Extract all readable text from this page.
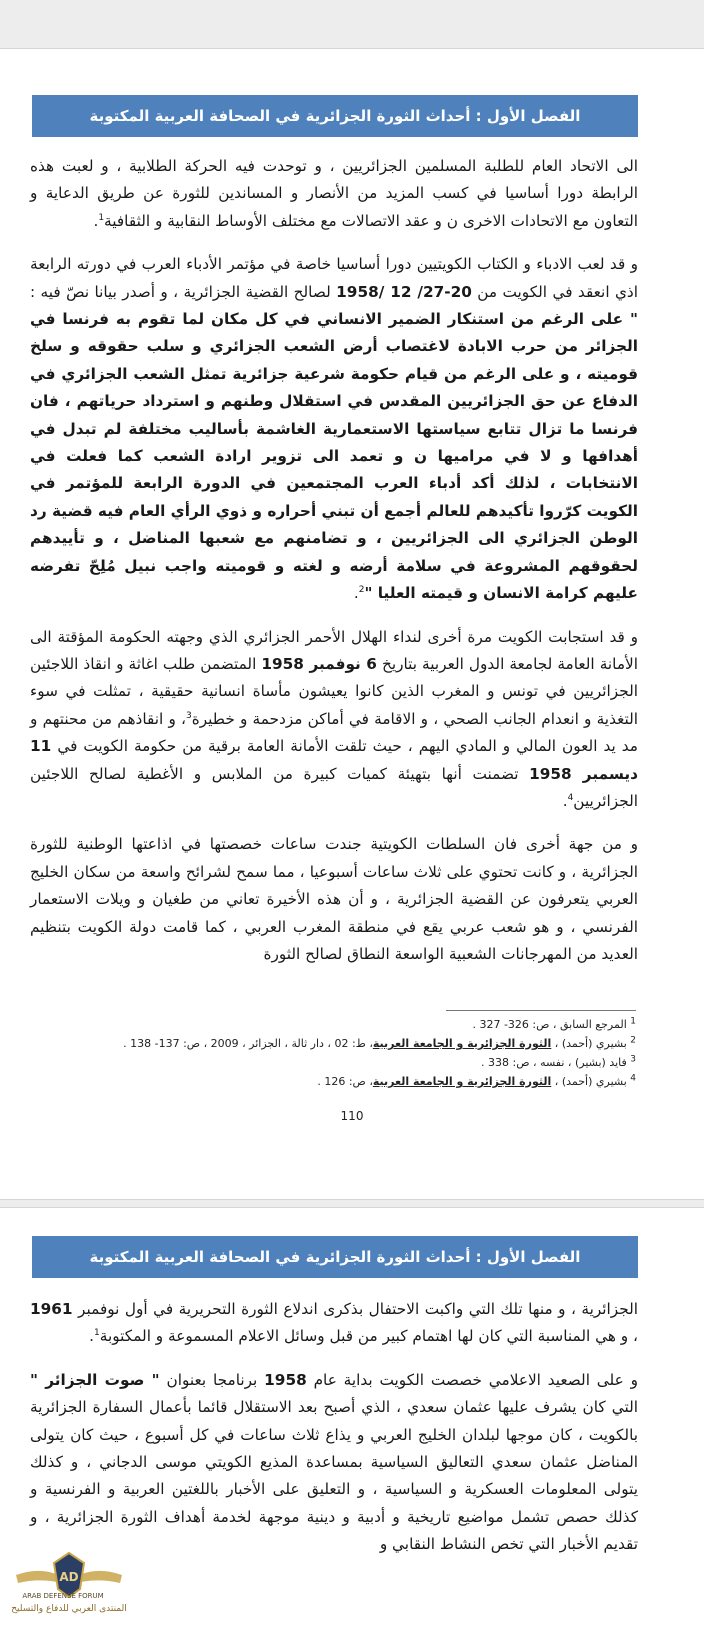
الفصل الأول : أحداث الثورة الجزائرية في الصحافة العربية المكتوبة

الى الاتحاد العام للطلبة المسلمين الجزائريين ، و توحدت فيه الحركة الطلابية ، و لعبت هذه الرابطة دورا أساسيا في كسب المزيد من الأنصار و المساندين للثورة عن طريق الدعاية و التعاون مع الاتحادات الاخرى ن و عقد الاتصالات مع مختلف الأوساط النقابية و الثقافية$^1$.

و قد لعب الادباء و الكتاب الكويتيين دورا أساسيا خاصة في مؤتمر الأدباء العرب في دورته الرابعة اذي انعقد في الكويت من 20-27/ 12 /1958 لصالح القضية الجزائرية ، و أصدر بيانا نصّ فيه : " على الرغم من استنكار الضمير الانساني في كل مكان لما تقوم به فرنسا في الجزائر من حرب الابادة لاغتصاب أرض الشعب الجزائري و سلب حقوقه و سلخ قوميته ، و على الرغم من قيام حكومة شرعية جزائرية تمثل الشعب الجزائري في الدفاع عن حق الجزائريين المقدس في استقلال وطنهم و استرداد حرياتهم ، فان فرنسا ما تزال تتابع سياستها الاستعمارية الغاشمة بأساليب مختلفة لم تبدل في أهدافها و لا في مراميها ن و تعمد الى تزوير ارادة الشعب كما فعلت في الانتخابات ، لذلك أكد أدباء العرب المجتمعين في الدورة الرابعة للمؤتمر في الكويت كرّروا تأكيدهم للعالم أجمع أن تبني أحراره و ذوي الرأي العام فيه قضية رد الوطن الجزائري الى الجزائريين ، و تضامنهم مع شعبها المناضل ، و تأييدهم لحقوقهم المشروعة في سلامة أرضه و لغته و قوميته واجب نبيل مُلِحّ تفرضه عليهم كرامة الانسان و قيمته العليا "$^2$.

و قد استجابت الكويت مرة أخرى لنداء الهلال الأحمر الجزائري الذي وجهته الحكومة المؤقتة الى الأمانة العامة لجامعة الدول العربية بتاريخ 6 نوفمبر 1958 المتضمن طلب اغاثة و انقاذ اللاجئين الجزائريين في تونس و المغرب الذين كانوا يعيشون مأساة انسانية حقيقية ، تمثلت في سوء التغذية و انعدام الجانب الصحي ، و الاقامة في أماكن مزدحمة و خطيرة$^3$، و انقاذهم من محنتهم و مد يد العون المالي و المادي اليهم ، حيث تلقت الأمانة العامة برقية من حكومة الكويت في 11 ديسمبر 1958 تضمنت أنها بتهيئة كميات كبيرة من الملابس و الأغطية لصالح اللاجئين الجزائريين$^4$.

و من جهة أخرى فان السلطات الكويتية جندت ساعات خصصتها في اذاعتها الوطنية للثورة الجزائرية ، و كانت تحتوي على ثلاث ساعات أسبوعيا ، مما سمح لشرائح واسعة من سكان الخليج العربي يتعرفون عن القضية الجزائرية ، و أن هذه الأخيرة تعاني من طغيان و ويلات الاستعمار الفرنسي ، و هو شعب عربي يقع في منطقة المغرب العربي ، كما قامت دولة الكويت بتنظيم العديد من المهرجانات الشعبية الواسعة النطاق لصالح الثورة

$^1$ المرجع السابق ، ص: 326- 327 .
$^2$ بشيري (أحمد) ، الثورة الجزائرية و الجامعة العربية، ط: 02 ، دار ثالة ، الجزائر ، 2009 ، ص: 137- 138 .
$^3$ فايد (بشير) ، نفسه ، ص: 338 .
$^4$ بشيري (أحمد) ، الثورة الجزائرية و الجامعة العربية، ص: 126 .
110
الفصل الأول : أحداث الثورة الجزائرية في الصحافة العربية المكتوبة

الجزائرية ، و منها تلك التي واكبت الاحتفال بذكرى اندلاع الثورة التحريرية في أول نوفمبر 1961 ، و هي المناسبة التي كان لها اهتمام كبير من قبل وسائل الاعلام المسموعة و المكتوبة$^1$.

و على الصعيد الاعلامي خصصت الكويت بداية عام 1958 برنامجا بعنوان " صوت الجزائر " التي كان يشرف عليها عثمان سعدي ، الذي أصبح بعد الاستقلال قائما بأعمال السفارة الجزائرية بالكويت ، كان موجها لبلدان الخليج العربي و يذاع ثلاث ساعات في كل أسبوع ، حيث كان يتولى المناضل عثمان سعدي التعاليق السياسية بمساعدة المذيع الكويتي موسى الدجاني ، و كذلك يتولى المعلومات العسكرية و السياسية ، و التعليق على الأخبار باللغتين العربية و الفرنسية و كذلك حصص تشمل مواضيع تاريخية و أدبية و دينية موجهة لخدمة أهداف الثورة الجزائرية ، و تقديم الأخبار التي تخص النشاط النقابي و

AD
ARAB DEFENSE FORUM
المنتدى العربي للدفاع والتسليح
